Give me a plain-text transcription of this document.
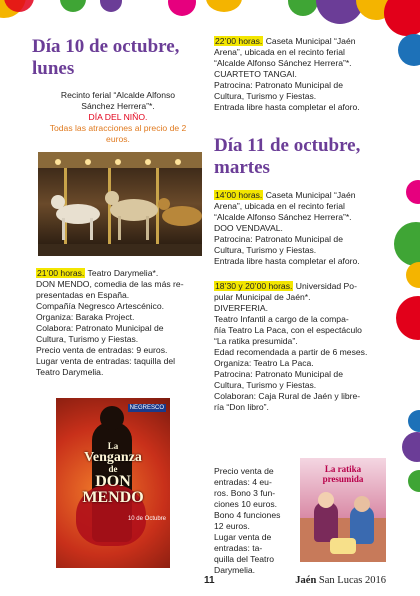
Día 10 de octubre,
lunes

Recinto ferial “Alcalde Alfonso

Sánchez Herrera”*.

DÍA DEL NIÑO.

Todas las atracciones al precio de 2

euros.

21’00 horas. Teatro Darymelia*.

DON MENDO, comedia de las más re-

presentadas en España.

Compañía Negresco Artescénico.

Organiza: Baraka Project.

Colabora: Patronato Municipal de

Cultura, Turismo y Fiestas.

Precio venta de entradas: 9 euros.

Lugar venta de entradas: taquilla del

Teatro Darymelia.

La
Venganza
de
DON
MENDO
NEGRESCO
10 de Octubre

22’00 horas. Caseta Municipal “Jaén

Arena”, ubicada en el recinto ferial

“Alcalde Alfonso Sánchez Herrera”*.

CUARTETO TANGAI.

Patrocina: Patronato Municipal de

Cultura, Turismo y Fiestas.

Entrada libre hasta completar el aforo.

Día 11 de octubre,
martes

14’00 horas. Caseta Municipal “Jaén

Arena”, ubicada en el recinto ferial

“Alcalde Alfonso Sánchez Herrera”*.

DOO VENDAVAL.

Patrocina: Patronato Municipal de

Cultura, Turismo y Fiestas.

Entrada libre hasta completar el aforo.

18’30 y 20’00 horas. Universidad Po-

pular Municipal de Jaén*.

DIVERFERIA.

Teatro Infantil a cargo de la compa-

ñía Teatro La Paca, con el espectáculo

“La ratika presumida”.

Edad recomendada a partir de 6 meses.

Organiza: Teatro La Paca.

Patrocina: Patronato Municipal de

Cultura, Turismo y Fiestas.

Colaboran: Caja Rural de Jaén y libre-

ría “Don libro”.

Precio venta de

entradas: 4 eu-

ros. Bono 3 fun-

ciones 10 euros.

Bono 4 funciones

12 euros.

Lugar venta de

entradas: ta-

quilla del Teatro

Darymelia.

La ratika presumida
11	Jaén San Lucas 2016
